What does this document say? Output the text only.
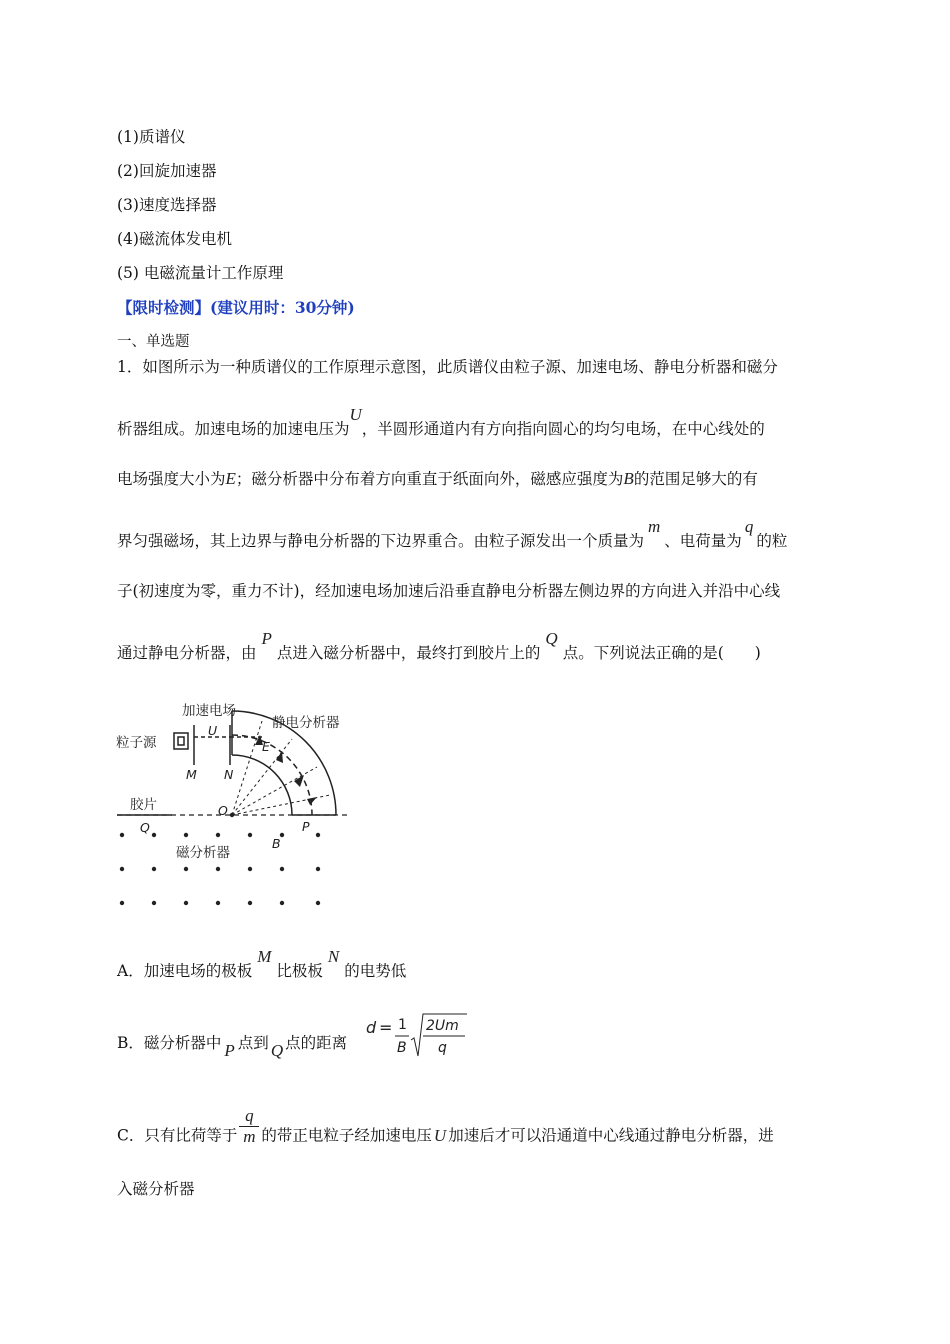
(1)质谱仪
(2)回旋加速器
(3)速度选择器
(4)磁流体发电机
(5) 电磁流量计工作原理
【限时检测】(建议用时：30分钟)
一、单选题
1．如图所示为一种质谱仪的工作原理示意图，此质谱仪由粒子源、加速电场、静电分析器和磁分
析器组成。加速电场的加速电压为U，半圆形通道内有方向指向圆心的均匀电场，在中心线处的
电场强度大小为E；磁分析器中分布着方向重直于纸面向外，磁感应强度为B的范围足够大的有
界匀强磁场，其上边界与静电分析器的下边界重合。由粒子源发出一个质量为m、电荷量为q的粒
子(初速度为零，重力不计)，经加速电场加速后沿垂直静电分析器左侧边界的方向进入并沿中心线
通过静电分析器，由P点进入磁分析器中，最终打到胶片上的Q点。下列说法正确的是(　　)
加速电场
粒子源
静电分析器
胶片
磁分析器
U
M N
E
O
P
Q
B
A．加速电场的极板M比极板N的电势低
B．磁分析器中 P 点到 Q 点的距离
d = 1
B
2Um
q
C．只有比荷等于 $\frac{q}{m}$ 的带正电粒子经加速电压 U 加速后才可以沿通道中心线通过静电分析器，进
入磁分析器
